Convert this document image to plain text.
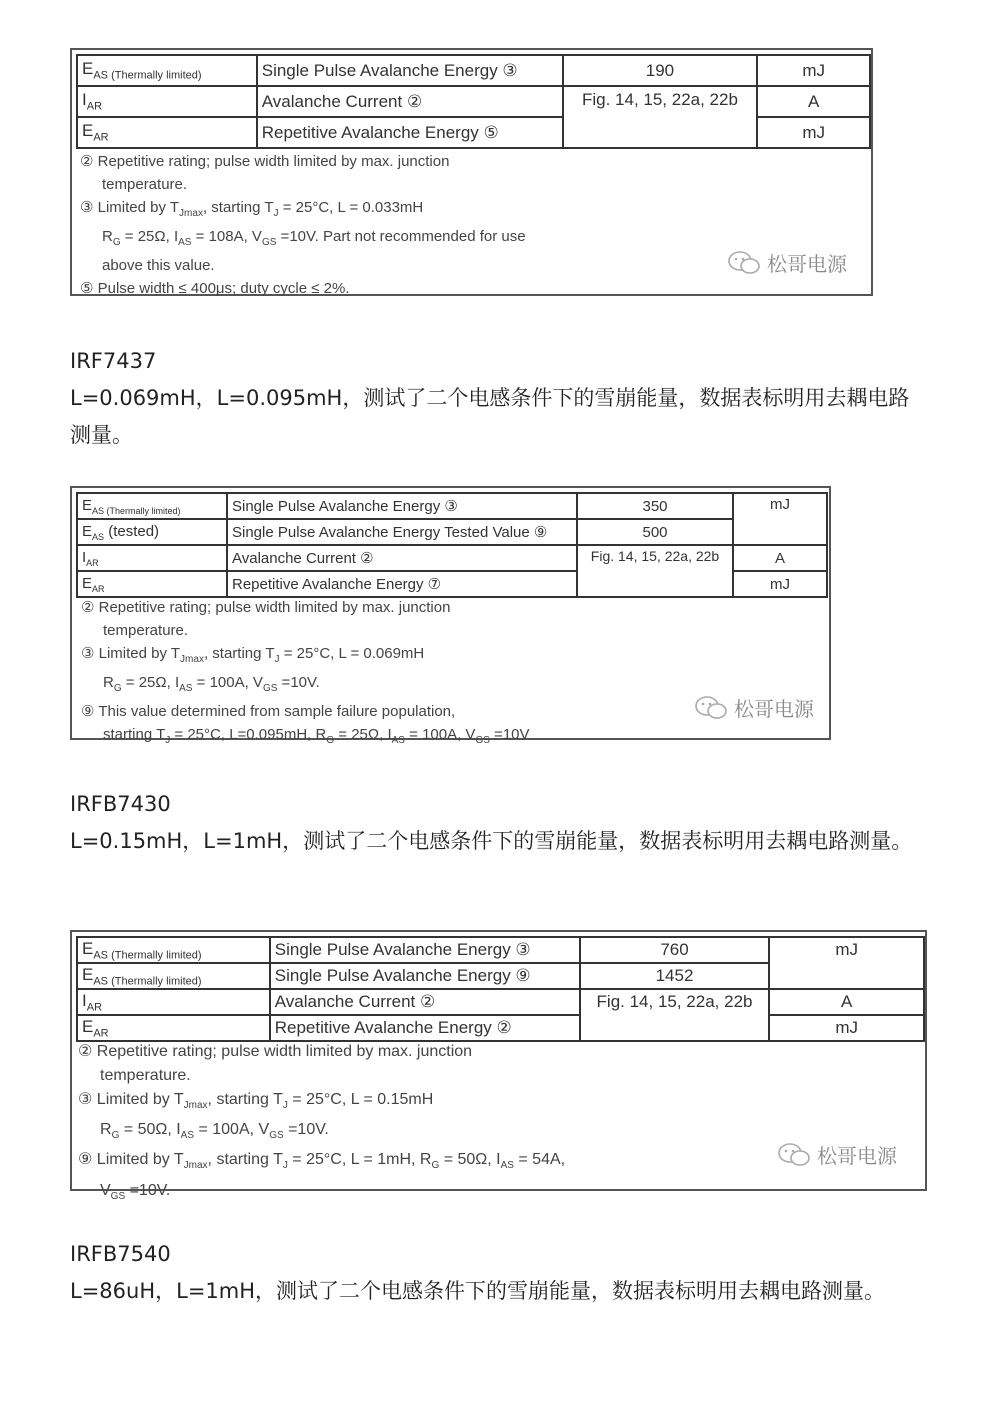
$E_{AS (Thermally limited)}$	Single Pulse Avalanche Energy ③	190	mJ
$I_{AR}$	Avalanche Current ②	Fig. 14, 15, 22a, 22b	A
$E_{AR}$	Repetitive Avalanche Energy ⑤		mJ
② Repetitive rating; pulse width limited by max. junction
temperature.
③ Limited by $T_{Jmax}$, starting $T_J = 25^\circ C$, L = 0.033mH
$R_G = 25\Omega$, $I_{AS} = 108A$, $V_{GS} =10V$. Part not recommended for use
above this value.
⑤ Pulse width ≤ 400μs; duty cycle ≤ 2%.
松哥电源
IRF7437
L=0.069mH，L=0.095mH，测试了二个电感条件下的雪崩能量，数据表标明用去耦电路测量。
$E_{AS (Thermally limited)}$	Single Pulse Avalanche Energy ③	350	mJ
$E_{AS}$ (tested)	Single Pulse Avalanche Energy Tested Value ⑨	500	
$I_{AR}$	Avalanche Current ②	Fig. 14, 15, 22a, 22b	A
$E_{AR}$	Repetitive Avalanche Energy ⑦		mJ
② Repetitive rating; pulse width limited by max. junction
temperature.
③ Limited by $T_{Jmax}$, starting $T_J = 25^\circ C$, L = 0.069mH
$R_G = 25\Omega$, $I_{AS} = 100A$, $V_{GS} =10V$.
⑨ This value determined from sample failure population,
starting $T_J = 25^\circ C$, L=0.095mH, $R_G = 25\Omega$, $I_{AS} = 100A$, $V_{GS} =10V$
松哥电源
IRFB7430
L=0.15mH，L=1mH，测试了二个电感条件下的雪崩能量，数据表标明用去耦电路测量。
$E_{AS (Thermally limited)}$	Single Pulse Avalanche Energy ③	760	mJ
$E_{AS (Thermally limited)}$	Single Pulse Avalanche Energy ⑨	1452	
$I_{AR}$	Avalanche Current ②	Fig. 14, 15, 22a, 22b	A
$E_{AR}$	Repetitive Avalanche Energy ②		mJ
② Repetitive rating; pulse width limited by max. junction
temperature.
③ Limited by $T_{Jmax}$, starting $T_J = 25^\circ C$, L = 0.15mH
$R_G = 50\Omega$, $I_{AS} = 100A$, $V_{GS} =10V$.
⑨ Limited by $T_{Jmax}$, starting $T_J = 25^\circ C$, L = 1mH, $R_G = 50\Omega$, $I_{AS} = 54A$,
$V_{GS} =10V$.
松哥电源
IRFB7540
L=86uH，L=1mH，测试了二个电感条件下的雪崩能量，数据表标明用去耦电路测量。
